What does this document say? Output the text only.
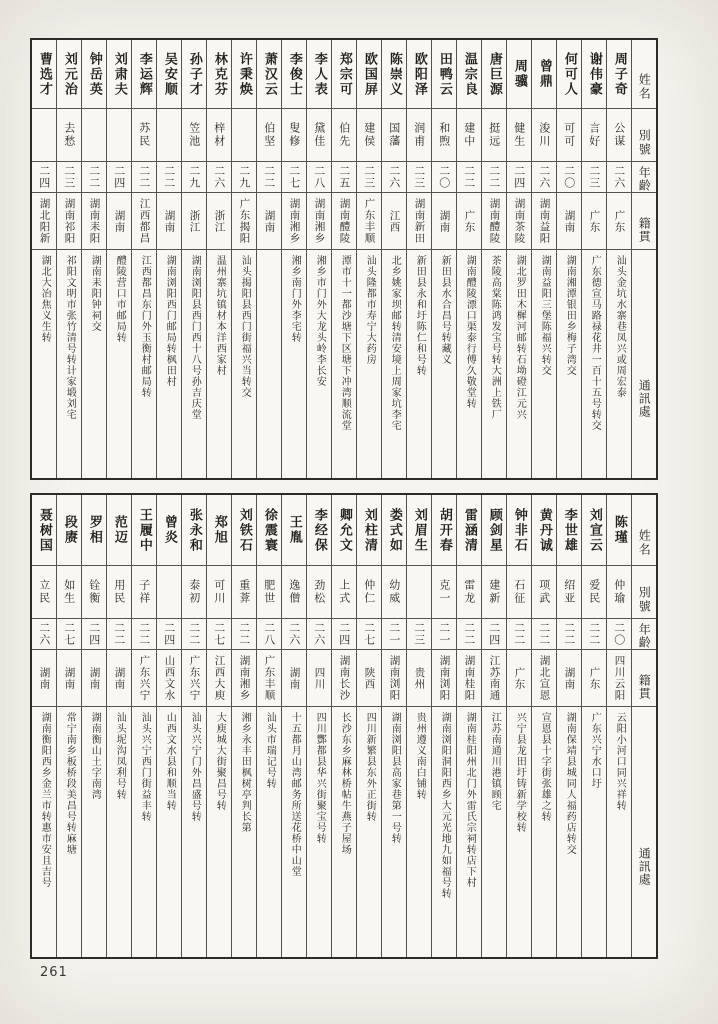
姓名
別號
年齡
籍貫
通訊處
周子奇
公谋
二六
广东
汕头金坑水寨巷凤兴或周宏泰
谢伟豪
言好
二三
广东
广东德宣马路禄花井一百十五号转交
何可人
可可
二〇
湖南
湖南湘潭银田乡梅子湾交
曾鼎
浚川
二六
湖南益阳
湖南益阳三堡陈福兴转交
周骥
健生
二四
湖南茶陵
湖北罗田木樨河邮转石坳磴江元兴
唐巨源
挺远
二二
湖南醴陵
茶陵高棠陈鸿发宝号转大洲上铁厂
温宗良
建中
二二
广东
湖南醴陵漂口渠泰行傅久敬堂转
田鸭云
和煦
二〇
湖南
新田县水合昌号转藏义
欧阳泽
润甫
二三
湖南新田
新田县永和圩陈仁和号转
陈崇义
国藩
二六
江西
北乡姚家坝邮转清安境上周家坑李宅
欧国屏
建侯
二三
广东丰顺
汕头隆都市寿宁大药房
郑宗可
伯先
二五
湖南醴陵
潭市十一都沙塘下区塘下冲湾顺流堂
李人表
黛佳
二八
湖南湘乡
湘乡市门外大龙头岭李长安
李俊士
叟修
二七
湖南湘乡
湘乡南门外李宅转
萧汉云
伯坚
二二
湖南
许秉焕
二九
广东揭阳
汕头揭阳县西门街福兴当转交
林克芬
梓材
二六
浙江
温州寨坑镇材本洋西家村
孙子才
笠池
二九
浙江
湖南浏阳县西门西十八号孙吉庆堂
吴安顺
二二
湖南
湖南浏阳西门邮局转枫田村
李运辉
苏民
二二
江西都昌
江西都昌东门外玉衡村邮局转
刘肃夫
二四
湖南
醴陵营口市邮局转
钟岳英
二二
湖南耒阳
湖南耒阳钟祠交
刘元治
去愁
二三
湖南祁阳
祁阳文明市张竹清号转计家塅刘宅
曹选才
二四
湖北阳新
湖北大冶焦义生转
姓名
別號
年齡
籍貫
通訊處
陈瑾
仲瑜
二〇
四川云阳
云阳小河口同兴祥转
刘宣云
爱民
二二
广东
广东兴宁水口圩
李世雄
绍亚
二二
湖南
湖南保靖县城同人福药店转交
黄丹诚
项武
二二
湖北宣恩
宣恩县十字街张雄之转
钟非石
石征
二二
广东
兴宁县龙田圩铸新学校转
顾剑星
建新
二四
江苏南通
江苏南通川港镇顾宅
雷涵清
雷龙
二二
湖南桂阳
湖南桂阳州北门外雷氏宗祠转店下村
胡开春
克一
二一
湖南浏阳
湖南浏阳洞阳西乡大元光地九如福号转
刘眉生
二三
贵州
贵州遵义南白铺转
娄式如
幼威
二一
湖南浏阳
湖南浏阳县高家巷第一号转
刘柱清
仲仁
二七
陕西
四川新繁县东外正街转
卿允文
上式
二四
湖南长沙
长沙东乡麻林桥帖牛燕子屋场
李经保
劲松
二六
四川
四川酆都县华兴街聚宝号转
王胤
逸僧
二六
湖南
十五都月山湾邮务所送花桥中山堂
徐震寰
肥世
二八
广东丰顺
汕头市瑞记号转
刘铁石
重葊
二二
湖南湘乡
湘乡永丰田枫树亭判长第
郑旭
可川
二七
江西大庾
大庾城大街聚昌号转
张永和
泰初
二二
广东兴宁
汕头兴宁门外昌盛号转
曾炎
二四
山西文水
山西文水县和顺当转
王履中
子祥
二二
广东兴宁
汕头兴宁西门街益丰转
范迈
用民
二二
湖南
汕头坭沟凤利号转
罗相
铨衡
二四
湖南
湖南衡山土字南湾
段赓
如生
二七
湖南
常宁南乡板桥段美昌号转麻塘
聂树国
立民
二六
湖南
湖南衡阳西乡金兰市转惠市安且吉号
261
